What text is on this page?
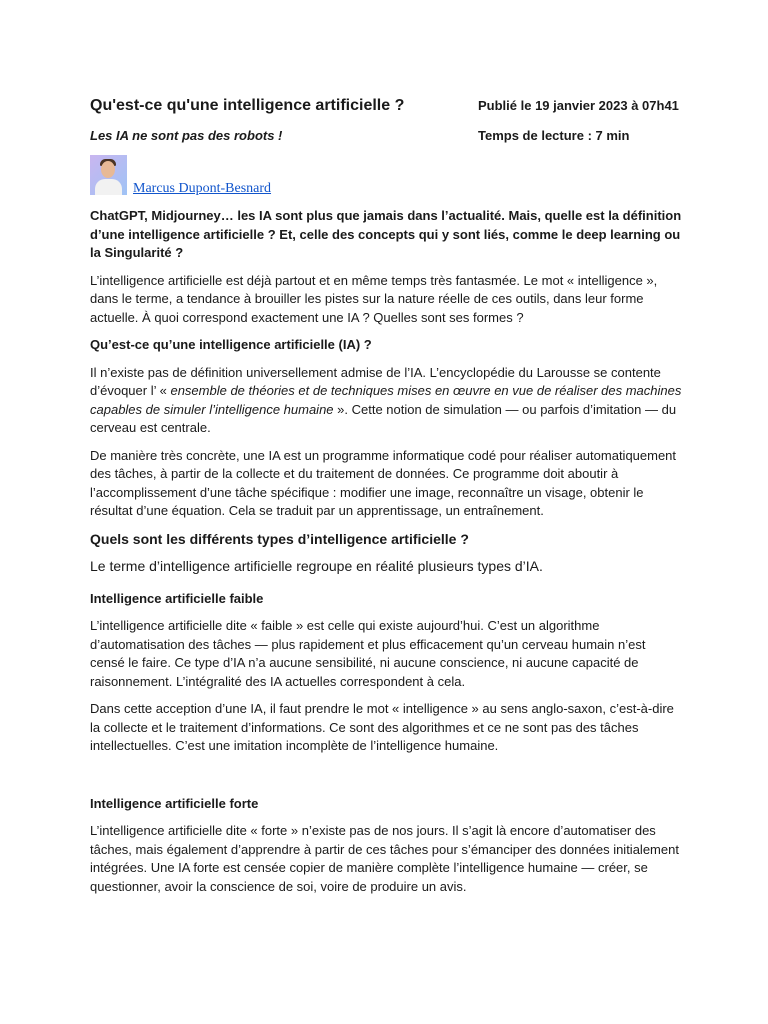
Qu'est-ce qu'une intelligence artificielle ?	Publié le 19 janvier 2023 à 07h41
Les IA ne sont pas des robots !	Temps de lecture : 7 min
Marcus Dupont-Besnard

ChatGPT, Midjourney… les IA sont plus que jamais dans l’actualité. Mais, quelle est la définition d’une intelligence artificielle ? Et, celle des concepts qui y sont liés, comme le deep learning ou la Singularité ?

L’intelligence artificielle est déjà partout et en même temps très fantasmée. Le mot « intelligence », dans le terme, a tendance à brouiller les pistes sur la nature réelle de ces outils, dans leur forme actuelle. À quoi correspond exactement une IA ? Quelles sont ses formes ?

Qu’est-ce qu’une intelligence artificielle (IA) ?

Il n’existe pas de définition universellement admise de l’IA. L’encyclopédie du Larousse se contente d’évoquer l’ « ensemble de théories et de techniques mises en œuvre en vue de réaliser des machines capables de simuler l’intelligence humaine ». Cette notion de simulation — ou parfois d’imitation — du cerveau est centrale.

De manière très concrète, une IA est un programme informatique codé pour réaliser automatiquement des tâches, à partir de la collecte et du traitement de données. Ce programme doit aboutir à l’accomplissement d’une tâche spécifique : modifier une image, reconnaître un visage, obtenir le résultat d’une équation. Cela se traduit par un apprentissage, un entraînement.

Quels sont les différents types d’intelligence artificielle ?

Le terme d’intelligence artificielle regroupe en réalité plusieurs types d’IA.

Intelligence artificielle faible

L’intelligence artificielle dite « faible » est celle qui existe aujourd’hui. C’est un algorithme d’automatisation des tâches — plus rapidement et plus efficacement qu’un cerveau humain n’est censé le faire. Ce type d’IA n’a aucune sensibilité, ni aucune conscience, ni aucune capacité de raisonnement. L’intégralité des IA actuelles correspondent à cela.

Dans cette acception d’une IA, il faut prendre le mot « intelligence » au sens anglo-saxon, c’est-à-dire la collecte et le traitement d’informations. Ce sont des algorithmes et ce ne sont pas des tâches intellectuelles. C’est une imitation incomplète de l’intelligence humaine.

Intelligence artificielle forte

L’intelligence artificielle dite « forte » n’existe pas de nos jours. Il s’agit là encore d’automatiser des tâches, mais également d’apprendre à partir de ces tâches pour s’émanciper des données initialement intégrées. Une IA forte est censée copier de manière complète l’intelligence humaine — créer, se questionner, avoir la conscience de soi, voire de produire un avis.
